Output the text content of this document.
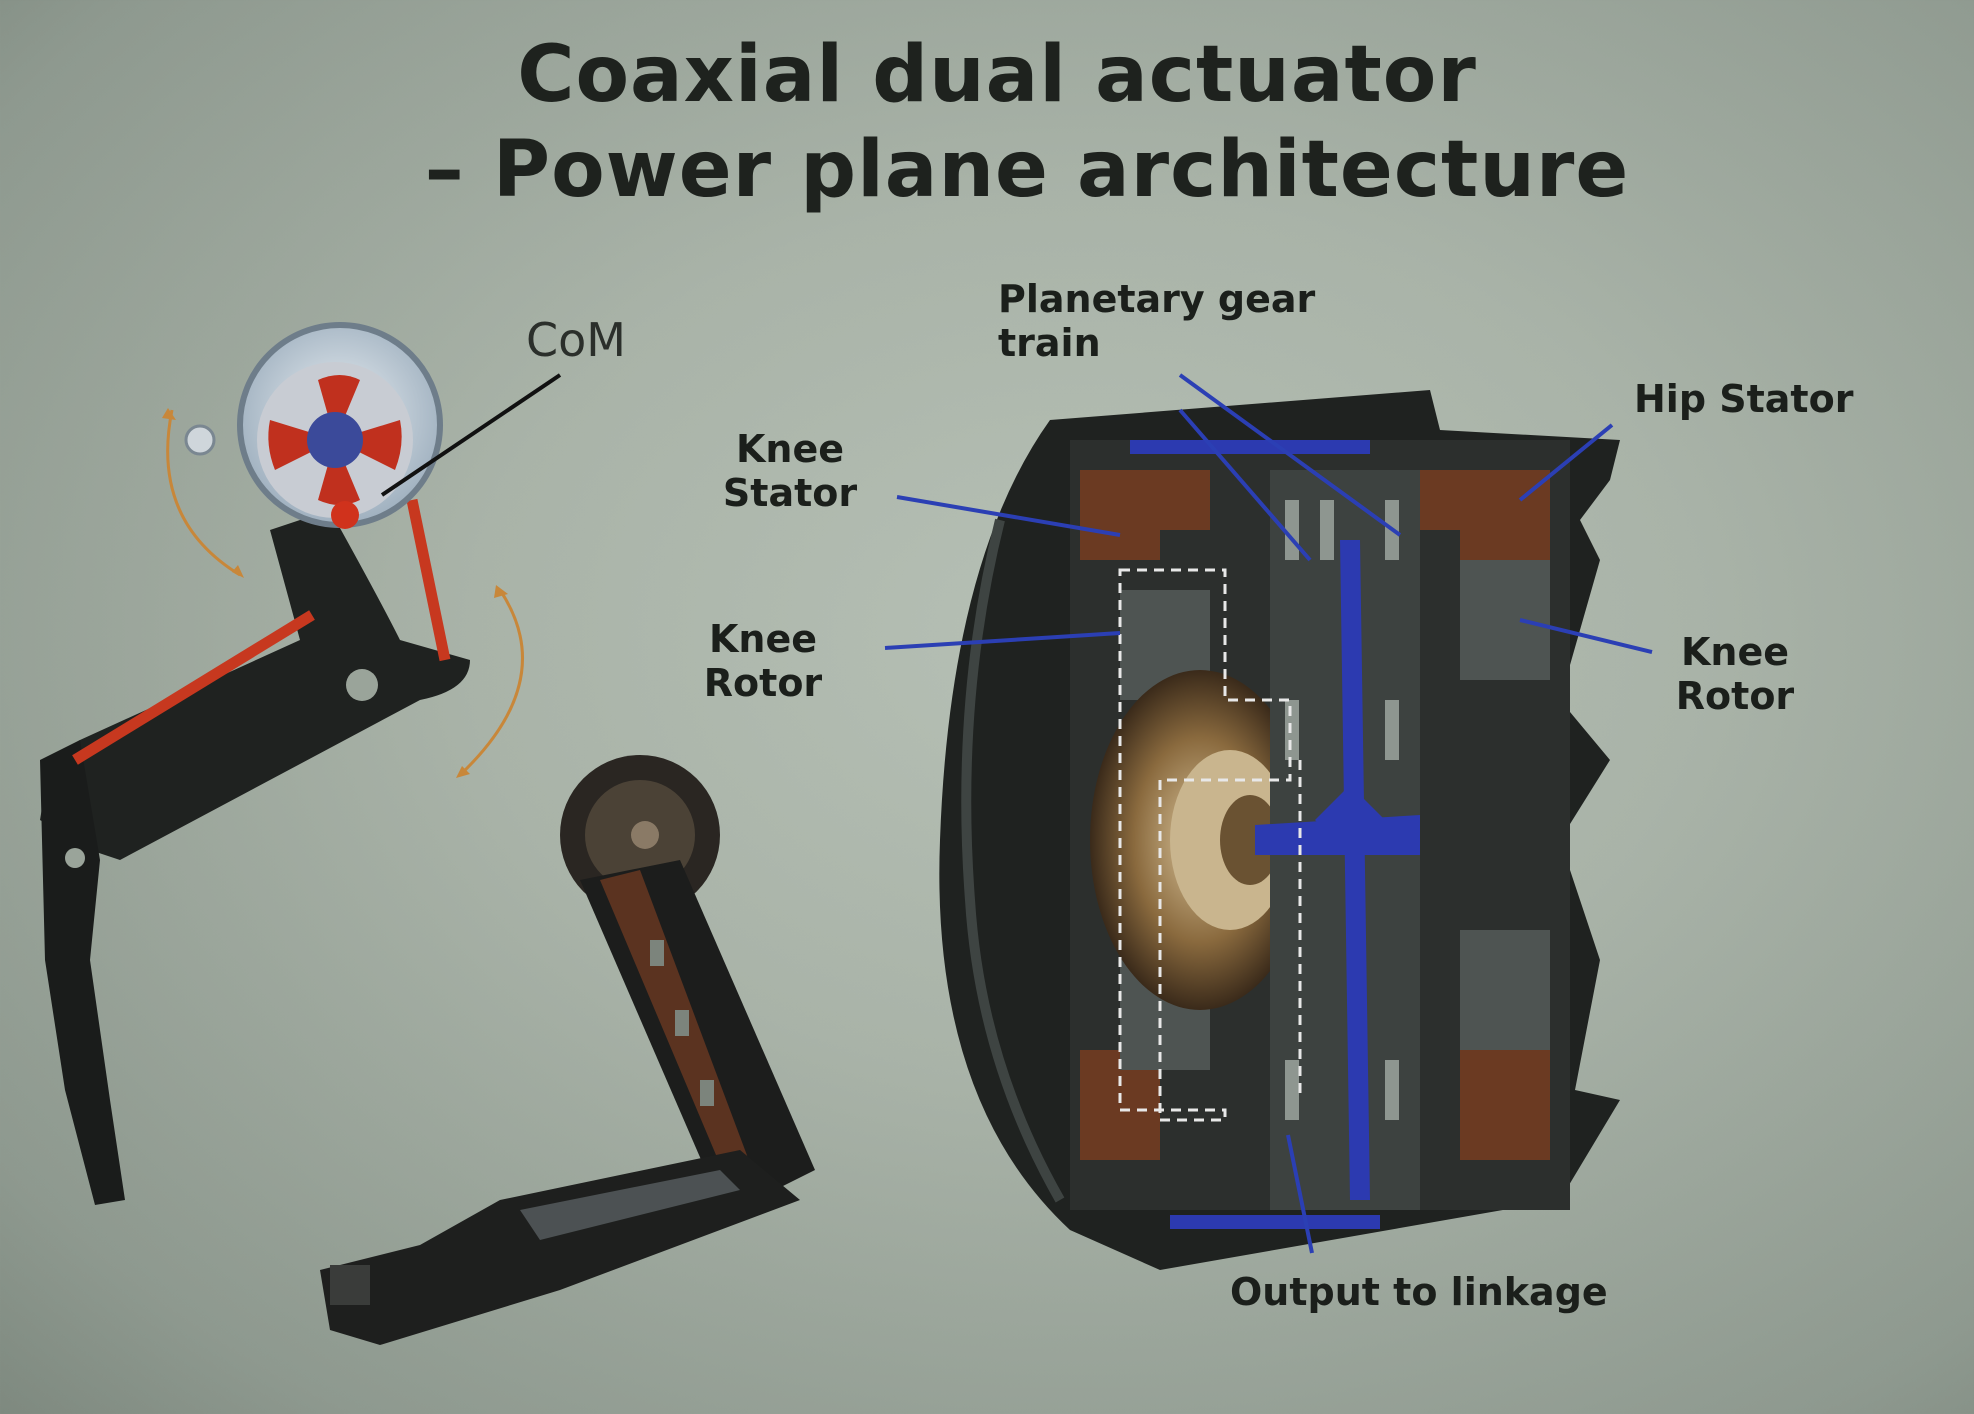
Coaxial dual actuator
– Power plane architecture
CoM
Planetary gear
train
Hip Stator
Knee
Stator
Knee
Rotor
Knee
Rotor
Output to linkage
